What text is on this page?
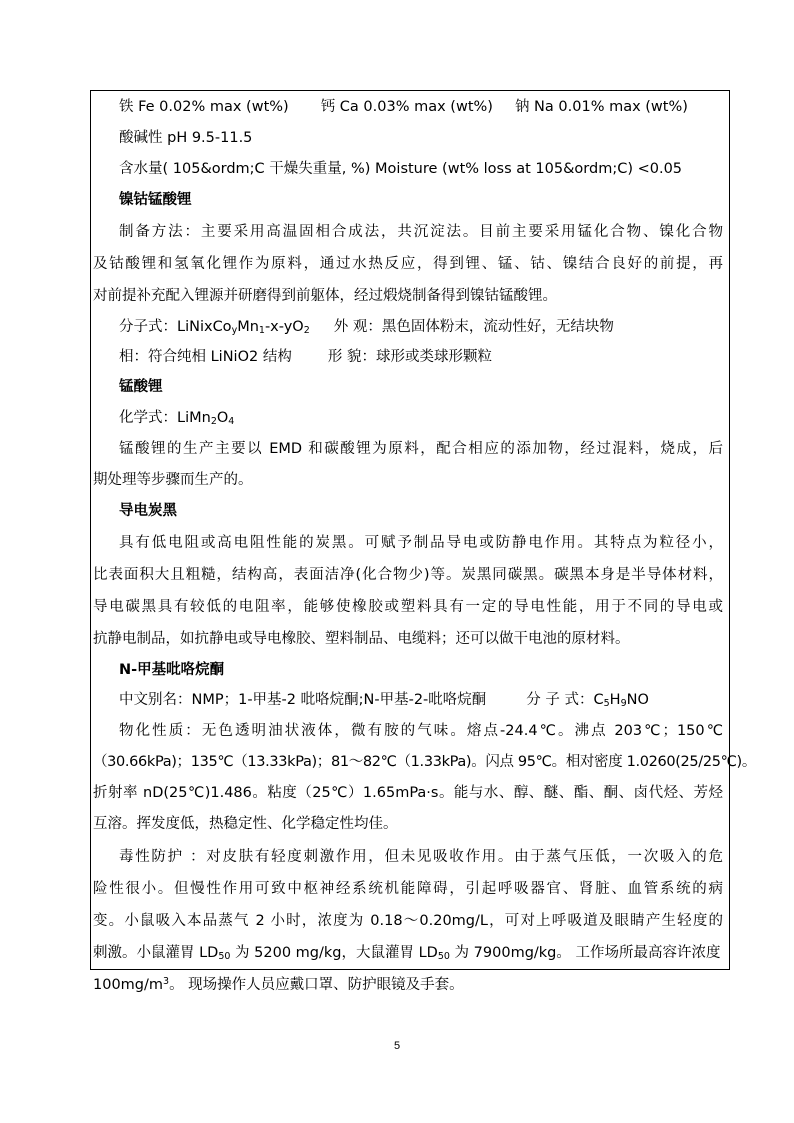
铁 Fe 0.02% max (wt%) 钙 Ca 0.03% max (wt%) 钠 Na 0.01% max (wt%)
酸碱性 pH 9.5-11.5
含水量( 105&ordm;C 干燥失重量, %) Moisture (wt% loss at 105&ordm;C) <0.05
镍钴锰酸锂
制备方法：主要采用高温固相合成法，共沉淀法。目前主要采用锰化合物、镍化合物
及钴酸锂和氢氧化锂作为原料，通过水热反应，得到锂、锰、钴、镍结合良好的前提，再
对前提补充配入锂源并研磨得到前躯体，经过煅烧制备得到镍钴锰酸锂。
分子式：$LiNixCo_yMn_1-x-yO_2$ 外 观：黑色固体粉末，流动性好，无结块物
相：符合纯相 LiNiO2 结构 形 貌：球形或类球形颗粒
锰酸锂
化学式：$LiMn_2O_4$
锰酸锂的生产主要以 EMD 和碳酸锂为原料，配合相应的添加物，经过混料，烧成，后
期处理等步骤而生产的。
导电炭黑
具有低电阻或高电阻性能的炭黑。可赋予制品导电或防静电作用。其特点为粒径小，
比表面积大且粗糙，结构高，表面洁净(化合物少)等。炭黑同碳黑。碳黑本身是半导体材料，
导电碳黑具有较低的电阻率，能够使橡胶或塑料具有一定的导电性能，用于不同的导电或
抗静电制品，如抗静电或导电橡胶、塑料制品、电缆料；还可以做干电池的原材料。
N-甲基吡咯烷酮
中文别名：NMP；1-甲基-2 吡咯烷酮;N-甲基-2-吡咯烷酮	分 子 式：$C_5H_9NO$
物化性质：无色透明油状液体，微有胺的气味。熔点-24.4℃。沸点 203℃；150℃
（30.66kPa)；135℃（13.33kPa)；81～82℃（1.33kPa)。闪点 95℃。相对密度 1.0260(25/25℃)。
折射率 nD(25℃)1.486。粘度（25℃）1.65mPa·s。能与水、醇、醚、酯、酮、卤代烃、芳烃
互溶。挥发度低，热稳定性、化学稳定性均佳。
毒性防护 ：对皮肤有轻度刺激作用，但未见吸收作用。由于蒸气压低，一次吸入的危
险性很小。但慢性作用可致中枢神经系统机能障碍，引起呼吸器官、肾脏、血管系统的病
变。小鼠吸入本品蒸气 2 小时，浓度为 0.18～0.20mg/L，可对上呼吸道及眼睛产生轻度的
刺激。小鼠灌胃 $LD_{50}$ 为 5200 mg/kg，大鼠灌胃 $LD_{50}$ 为 7900mg/kg。 工作场所最高容许浓度
$100mg/m^3$。 现场操作人员应戴口罩、防护眼镜及手套。
5
